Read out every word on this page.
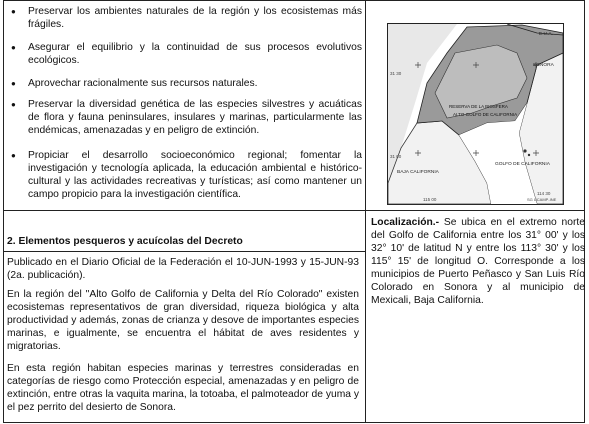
● Preservar los ambientes naturales de la región y los ecosistemas más frágiles.
● Asegurar el equilibrio y la continuidad de sus procesos evolutivos ecológicos.
● Aprovechar racionalmente sus recursos naturales.
● Preservar la diversidad genética de las especies silvestres y acuáticas de flora y fauna peninsulares, insulares y marinas, particularmente las endémicas, amenazadas y en peligro de extinción.
● Propiciar el desarrollo socioeconómico regional; fomentar la investigación y tecnología aplicada, la educación ambiental e histórico-cultural y las actividades recreativas y turísticas; así como mantener un campo propicio para la investigación científica.
E.U.A.
SONORA
RESERVA DE LA BIOSFERA
ALTO GOLFO DE CALIFORNIA
GOLFO DE CALIFORNIA
BAJA CALIFORNIA
31 30
31 00
115 00
114 30
SG UCAMP-INE
2. Elementos pesqueros y acuícolas del Decreto
Publicado en el Diario Oficial de la Federación el 10-JUN-1993 y 15-JUN-93 (2a. publicación).
En la región del "Alto Golfo de California y Delta del Río Colorado" existen ecosistemas representativos de gran diversidad, riqueza biológica y alta productividad y además, zonas de crianza y desove de importantes especies marinas, e igualmente, se encuentra el hábitat de aves residentes y migratorias.
En esta región habitan especies marinas y terrestres consideradas en categorías de riesgo como Protección especial, amenazadas y en peligro de extinción, entre otras la vaquita marina, la totoaba, el palmoteador de yuma y el pez perrito del desierto de Sonora.
Localización.- Se ubica en el extremo norte del Golfo de California entre los 31° 00' y los 32° 10' de latitud N y entre los 113° 30' y los 115° 15' de longitud O. Corresponde a los municipios de Puerto Peñasco y San Luis Río Colorado en Sonora y al municipio de Mexicali, Baja California.
